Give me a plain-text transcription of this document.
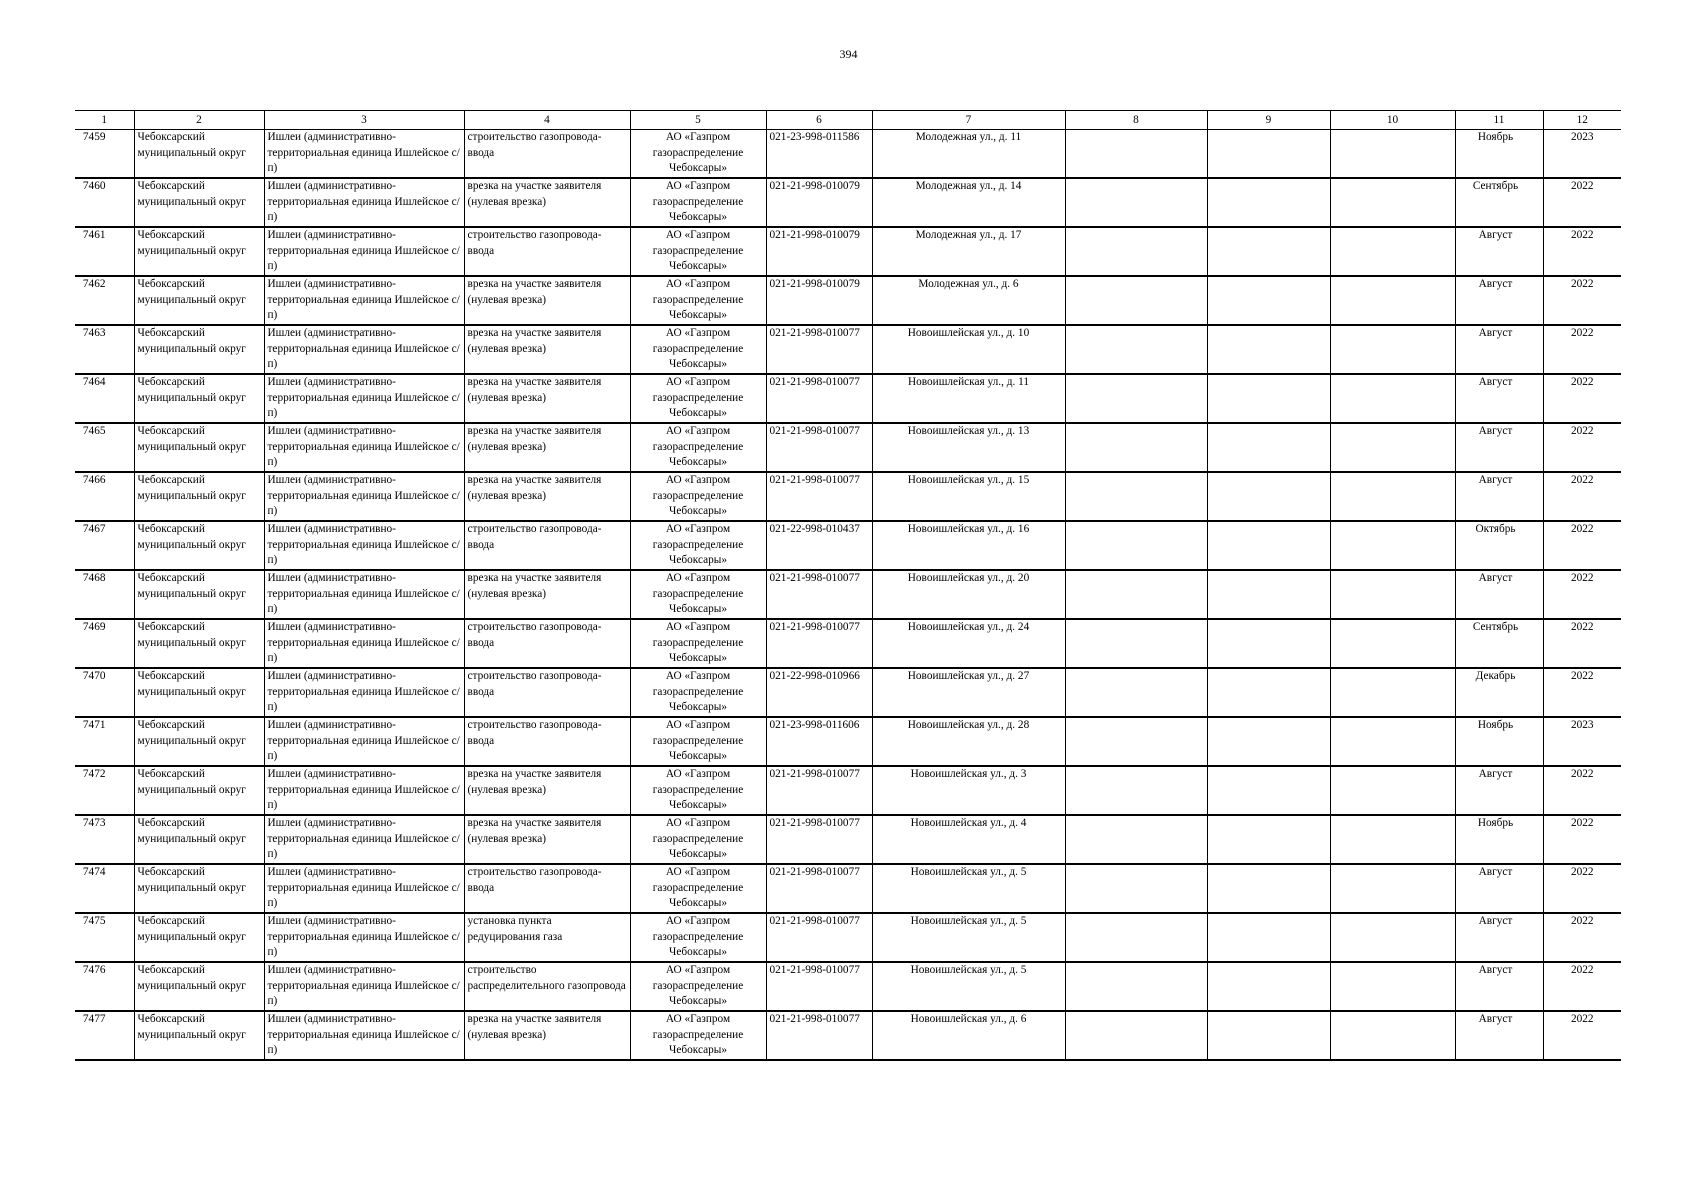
394
1	2	3	4	5	6	7	8	9	10	11	12
7459	Чебоксарский муниципальный округ	Ишлеи (административно-территориальная единица Ишлейское с/п)	строительство газопровода-ввода	АО «Газпром газораспределение Чебоксары»	021-23-998-011586	Молодежная ул., д. 11				Ноябрь	2023
7460	Чебоксарский муниципальный округ	Ишлеи (административно-территориальная единица Ишлейское с/п)	врезка на участке заявителя (нулевая врезка)	АО «Газпром газораспределение Чебоксары»	021-21-998-010079	Молодежная ул., д. 14				Сентябрь	2022
7461	Чебоксарский муниципальный округ	Ишлеи (административно-территориальная единица Ишлейское с/п)	строительство газопровода-ввода	АО «Газпром газораспределение Чебоксары»	021-21-998-010079	Молодежная ул., д. 17				Август	2022
7462	Чебоксарский муниципальный округ	Ишлеи (административно-территориальная единица Ишлейское с/п)	врезка на участке заявителя (нулевая врезка)	АО «Газпром газораспределение Чебоксары»	021-21-998-010079	Молодежная ул., д. 6				Август	2022
7463	Чебоксарский муниципальный округ	Ишлеи (административно-территориальная единица Ишлейское с/п)	врезка на участке заявителя (нулевая врезка)	АО «Газпром газораспределение Чебоксары»	021-21-998-010077	Новоишлейская ул., д. 10				Август	2022
7464	Чебоксарский муниципальный округ	Ишлеи (административно-территориальная единица Ишлейское с/п)	врезка на участке заявителя (нулевая врезка)	АО «Газпром газораспределение Чебоксары»	021-21-998-010077	Новоишлейская ул., д. 11				Август	2022
7465	Чебоксарский муниципальный округ	Ишлеи (административно-территориальная единица Ишлейское с/п)	врезка на участке заявителя (нулевая врезка)	АО «Газпром газораспределение Чебоксары»	021-21-998-010077	Новоишлейская ул., д. 13				Август	2022
7466	Чебоксарский муниципальный округ	Ишлеи (административно-территориальная единица Ишлейское с/п)	врезка на участке заявителя (нулевая врезка)	АО «Газпром газораспределение Чебоксары»	021-21-998-010077	Новоишлейская ул., д. 15				Август	2022
7467	Чебоксарский муниципальный округ	Ишлеи (административно-территориальная единица Ишлейское с/п)	строительство газопровода-ввода	АО «Газпром газораспределение Чебоксары»	021-22-998-010437	Новоишлейская ул., д. 16				Октябрь	2022
7468	Чебоксарский муниципальный округ	Ишлеи (административно-территориальная единица Ишлейское с/п)	врезка на участке заявителя (нулевая врезка)	АО «Газпром газораспределение Чебоксары»	021-21-998-010077	Новоишлейская ул., д. 20				Август	2022
7469	Чебоксарский муниципальный округ	Ишлеи (административно-территориальная единица Ишлейское с/п)	строительство газопровода-ввода	АО «Газпром газораспределение Чебоксары»	021-21-998-010077	Новоишлейская ул., д. 24				Сентябрь	2022
7470	Чебоксарский муниципальный округ	Ишлеи (административно-территориальная единица Ишлейское с/п)	строительство газопровода-ввода	АО «Газпром газораспределение Чебоксары»	021-22-998-010966	Новоишлейская ул., д. 27				Декабрь	2022
7471	Чебоксарский муниципальный округ	Ишлеи (административно-территориальная единица Ишлейское с/п)	строительство газопровода-ввода	АО «Газпром газораспределение Чебоксары»	021-23-998-011606	Новоишлейская ул., д. 28				Ноябрь	2023
7472	Чебоксарский муниципальный округ	Ишлеи (административно-территориальная единица Ишлейское с/п)	врезка на участке заявителя (нулевая врезка)	АО «Газпром газораспределение Чебоксары»	021-21-998-010077	Новоишлейская ул., д. 3				Август	2022
7473	Чебоксарский муниципальный округ	Ишлеи (административно-территориальная единица Ишлейское с/п)	врезка на участке заявителя (нулевая врезка)	АО «Газпром газораспределение Чебоксары»	021-21-998-010077	Новоишлейская ул., д. 4				Ноябрь	2022
7474	Чебоксарский муниципальный округ	Ишлеи (административно-территориальная единица Ишлейское с/п)	строительство газопровода-ввода	АО «Газпром газораспределение Чебоксары»	021-21-998-010077	Новоишлейская ул., д. 5				Август	2022
7475	Чебоксарский муниципальный округ	Ишлеи (административно-территориальная единица Ишлейское с/п)	установка пункта редуцирования газа	АО «Газпром газораспределение Чебоксары»	021-21-998-010077	Новоишлейская ул., д. 5				Август	2022
7476	Чебоксарский муниципальный округ	Ишлеи (административно-территориальная единица Ишлейское с/п)	строительство распределительного газопровода	АО «Газпром газораспределение Чебоксары»	021-21-998-010077	Новоишлейская ул., д. 5				Август	2022
7477	Чебоксарский муниципальный округ	Ишлеи (административно-территориальная единица Ишлейское с/п)	врезка на участке заявителя (нулевая врезка)	АО «Газпром газораспределение Чебоксары»	021-21-998-010077	Новоишлейская ул., д. 6				Август	2022
